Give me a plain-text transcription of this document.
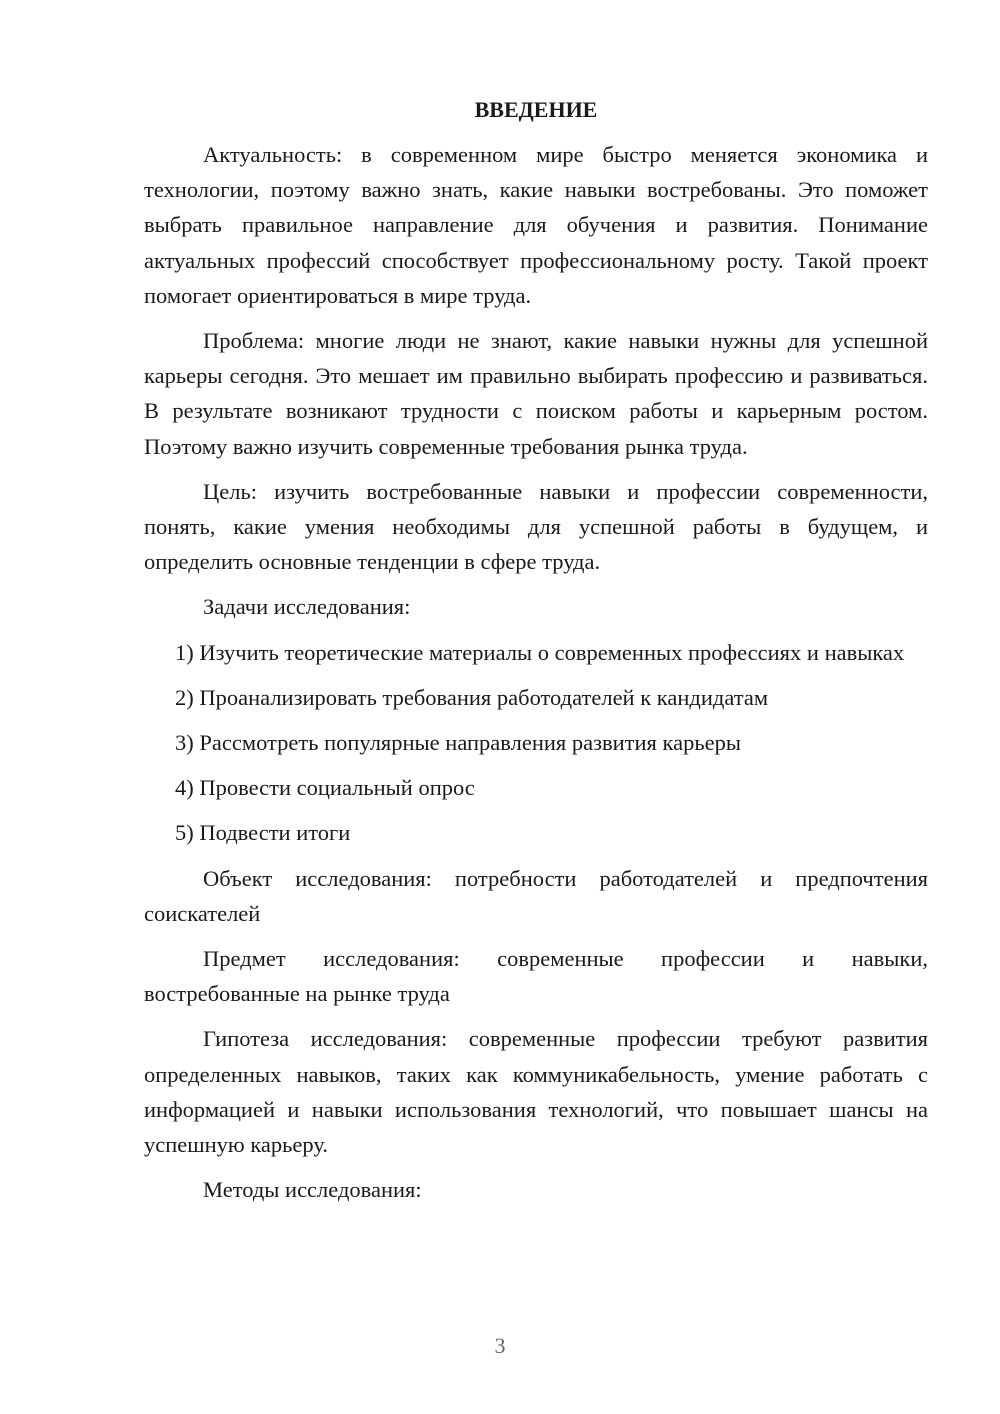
ВВЕДЕНИЕ

Актуальность: в современном мире быстро меняется экономика и технологии, поэтому важно знать, какие навыки востребованы. Это поможет выбрать правильное направление для обучения и развития. Понимание актуальных профессий способствует профессиональному росту. Такой проект помогает ориентироваться в мире труда.

Проблема: многие люди не знают, какие навыки нужны для успешной карьеры сегодня. Это мешает им правильно выбирать профессию и развиваться. В результате возникают трудности с поиском работы и карьерным ростом. Поэтому важно изучить современные требования рынка труда.

Цель: изучить востребованные навыки и профессии современности, понять, какие умения необходимы для успешной работы в будущем, и определить основные тенденции в сфере труда.

Задачи исследования:

1) Изучить теоретические материалы о современных профессиях и навыках

2) Проанализировать требования работодателей к кандидатам

3) Рассмотреть популярные направления развития карьеры

4) Провести социальный опрос

5) Подвести итоги

Объект исследования: потребности работодателей и предпочтения соискателей

Предмет исследования: современные профессии и навыки, востребованные на рынке труда

Гипотеза исследования: современные профессии требуют развития определенных навыков, таких как коммуникабельность, умение работать с информацией и навыки использования технологий, что повышает шансы на успешную карьеру.

Методы исследования:

3
